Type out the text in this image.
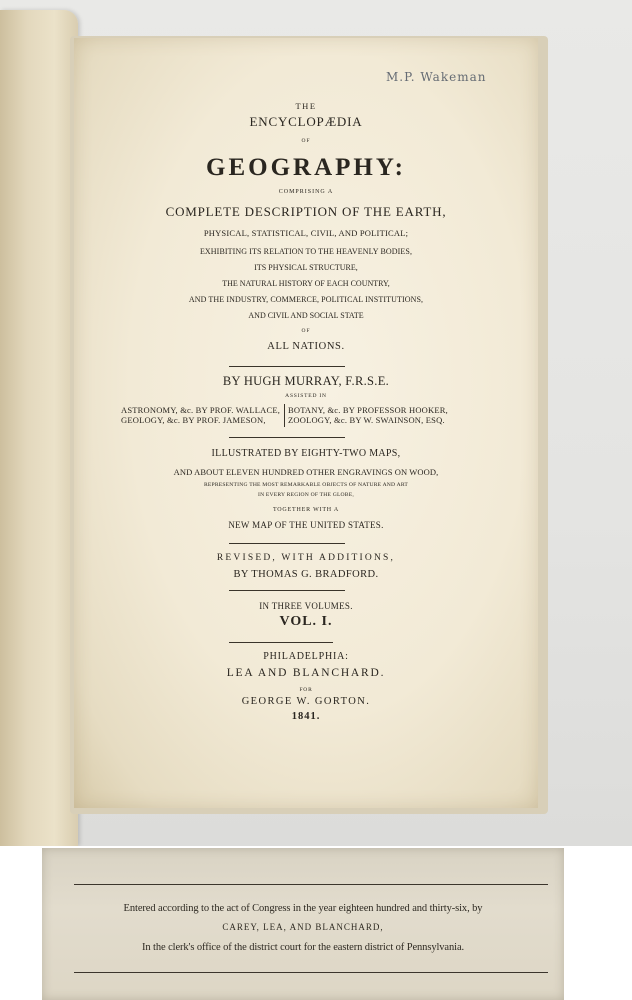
M.P. Wakeman
THE
ENCYCLOPÆDIA
OF
GEOGRAPHY:
COMPRISING A
COMPLETE DESCRIPTION OF THE EARTH,
PHYSICAL, STATISTICAL, CIVIL, AND POLITICAL;
EXHIBITING ITS RELATION TO THE HEAVENLY BODIES,
ITS PHYSICAL STRUCTURE,
THE NATURAL HISTORY OF EACH COUNTRY,
AND THE INDUSTRY, COMMERCE, POLITICAL INSTITUTIONS,
AND CIVIL AND SOCIAL STATE
OF
ALL NATIONS.
BY HUGH MURRAY, F.R.S.E.
ASSISTED IN
ASTRONOMY, &c. BY PROF. WALLACE,
GEOLOGY, &c. BY PROF. JAMESON,
BOTANY, &c. BY PROFESSOR HOOKER,
ZOOLOGY, &c. BY W. SWAINSON, ESQ.
ILLUSTRATED BY EIGHTY-TWO MAPS,
AND ABOUT ELEVEN HUNDRED OTHER ENGRAVINGS ON WOOD,
REPRESENTING THE MOST REMARKABLE OBJECTS OF NATURE AND ART
IN EVERY REGION OF THE GLOBE,
TOGETHER WITH A
NEW MAP OF THE UNITED STATES.
REVISED, WITH ADDITIONS,
BY THOMAS G. BRADFORD.
IN THREE VOLUMES.
VOL. I.
PHILADELPHIA:
LEA AND BLANCHARD.
FOR
GEORGE W. GORTON.
1841.
Entered according to the act of Congress in the year eighteen hundred and thirty-six, by
CAREY, LEA, AND BLANCHARD,
In the clerk's office of the district court for the eastern district of Pennsylvania.
